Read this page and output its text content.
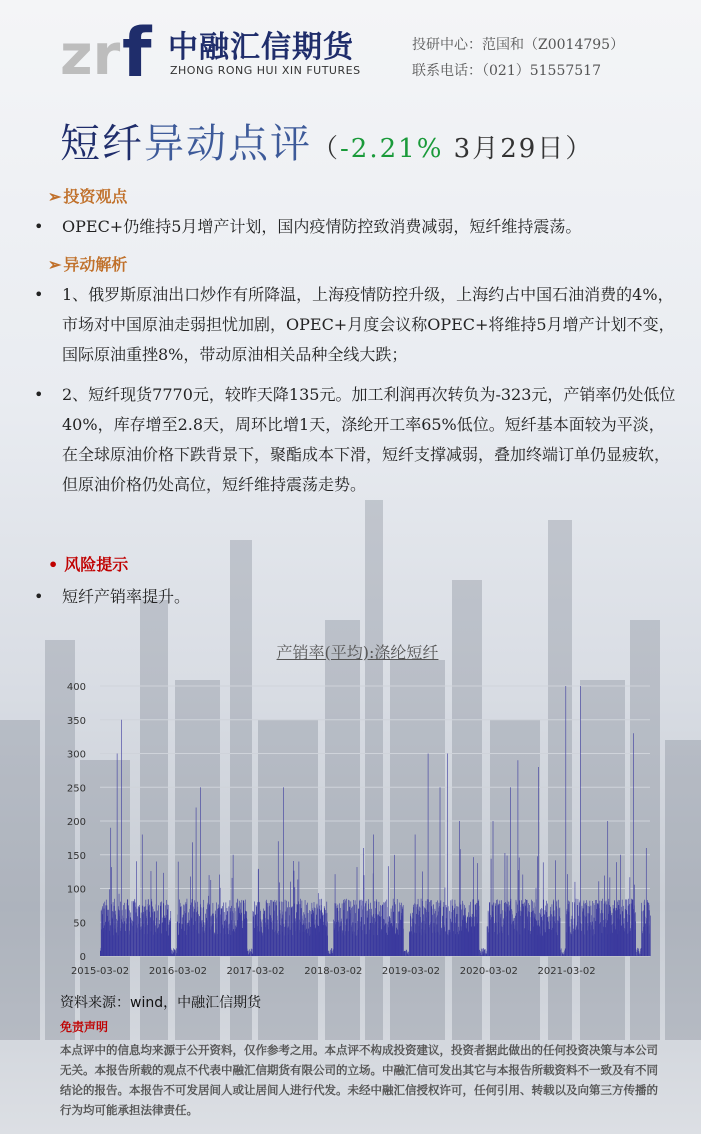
zr f 中融汇信期货
ZHONG RONG HUI XIN FUTURES
投研中心：范国和（Z0014795）
联系电话：（021）51557517
短纤异动点评（-2.21% 3月29日）
➢ 投资观点
• OPEC+仍维持5月增产计划，国内疫情防控致消费减弱，短纤维持震荡。
➢ 异动解析
• 1、俄罗斯原油出口炒作有所降温，上海疫情防控升级，上海约占中国石油消费的4%，市场对中国原油走弱担忧加剧，OPEC+月度会议称OPEC+将维持5月增产计划不变，国际原油重挫8%，带动原油相关品种全线大跌；
• 2、短纤现货7770元，较昨天降135元。加工利润再次转负为-323元，产销率仍处低位40%，库存增至2.8天，周环比增1天，涤纶开工率65%低位。短纤基本面较为平淡，在全球原油价格下跌背景下，聚酯成本下滑，短纤支撑减弱，叠加终端订单仍显疲软，但原油价格仍处高位，短纤维持震荡走势。
• 风险提示
• 短纤产销率提升。
产销率(平均):涤纶短纤
0
50
100
150
200
250
300
350
400
2015-03-02 2016-03-02 2017-03-02 2018-03-02 2019-03-02 2020-03-02 2021-03-02
资料来源：wind，中融汇信期货
免责声明
本点评中的信息均来源于公开资料，仅作参考之用。本点评不构成投资建议，投资者据此做出的任何投资决策与本公司无关。本报告所载的观点不代表中融汇信期货有限公司的立场。中融汇信可发出其它与本报告所载资料不一致及有不同结论的报告。本报告不可发居间人或让居间人进行代发。未经中融汇信授权许可，任何引用、转载以及向第三方传播的行为均可能承担法律责任。
